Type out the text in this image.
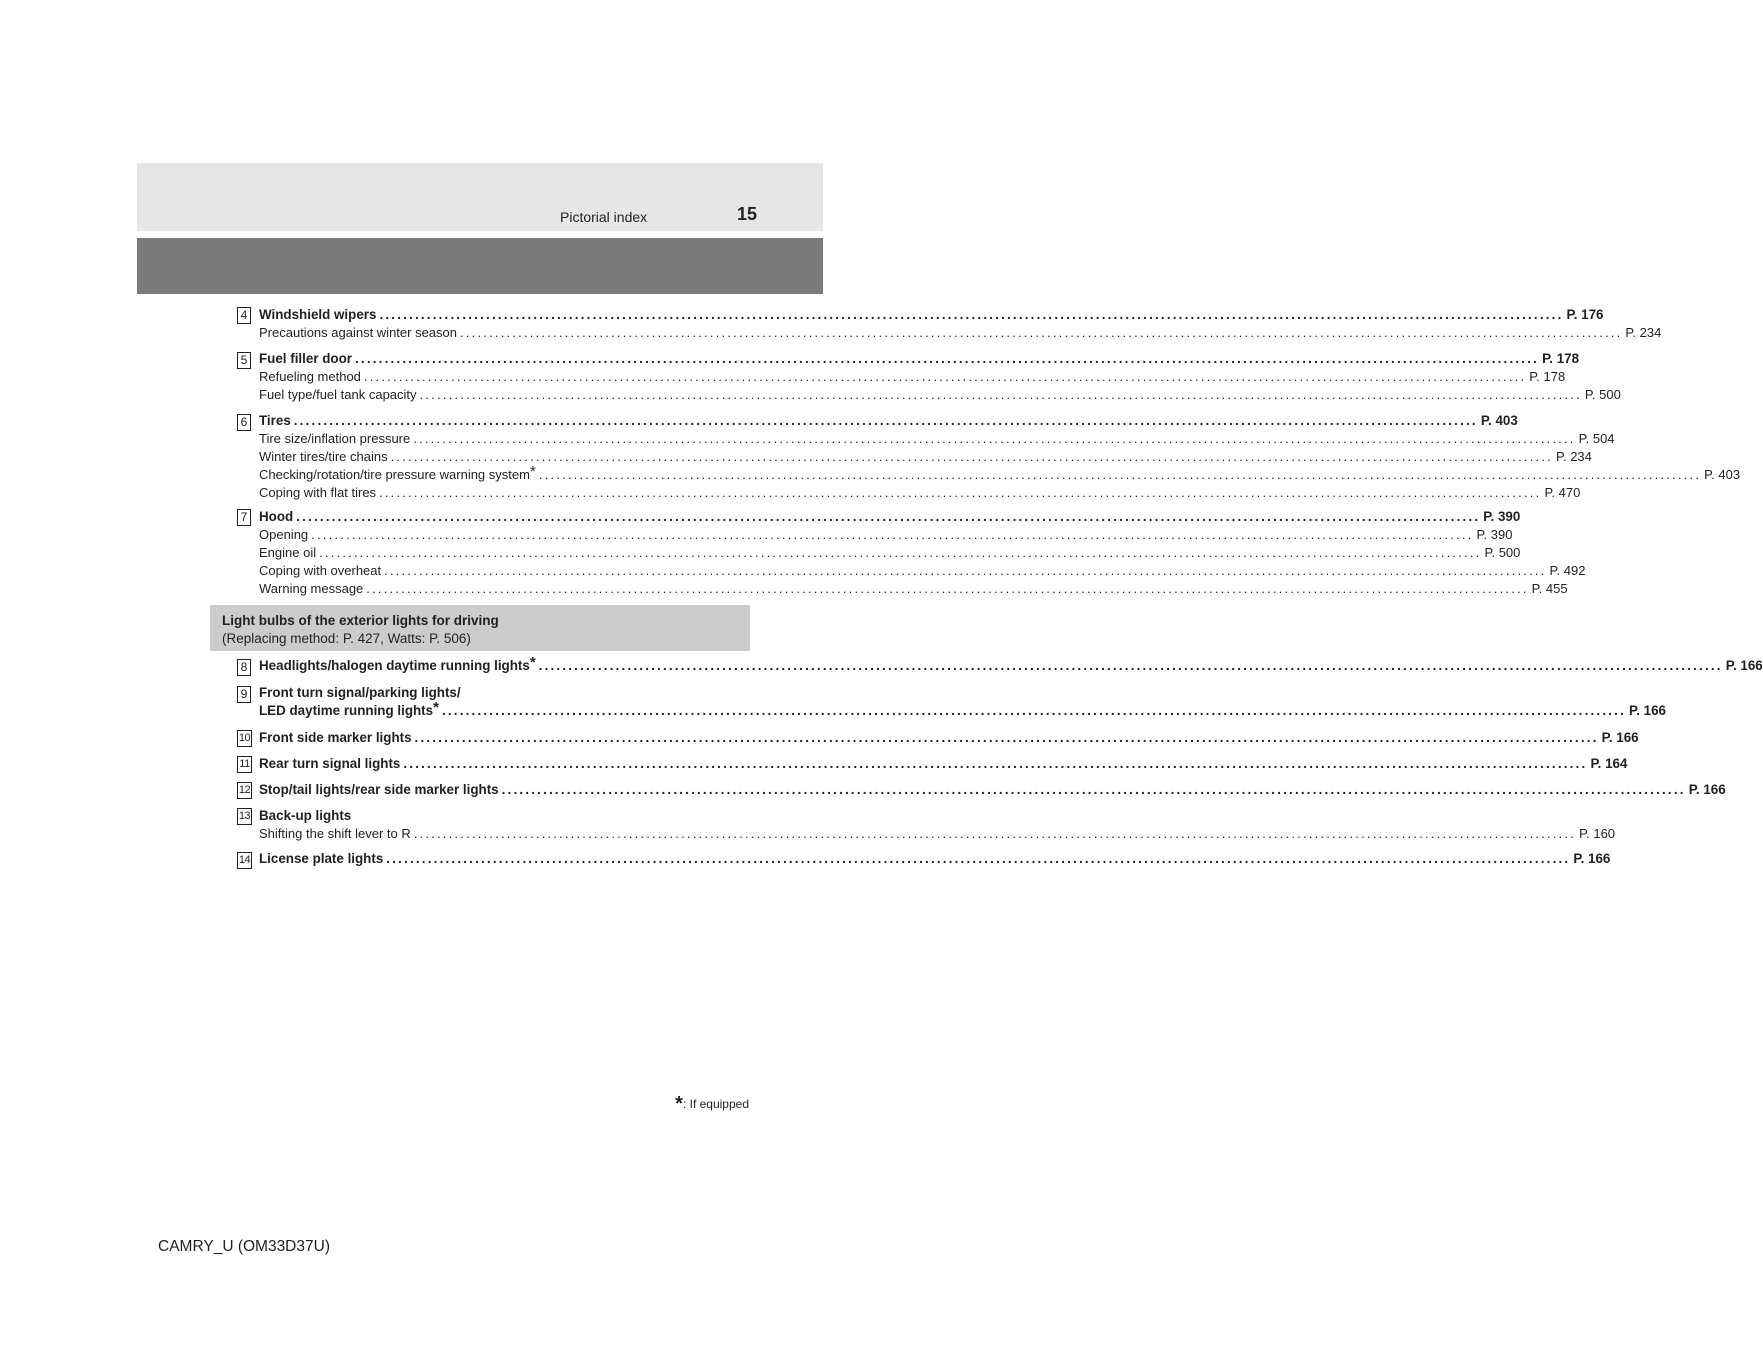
Pictorial index	15
4 Windshield wipers ........................................................................................................................................................................................................ P. 176
Precautions against winter season ........................................................................................................................................................................................................ P. 234
5 Fuel filler door ........................................................................................................................................................................................................ P. 178
Refueling method ........................................................................................................................................................................................................ P. 178
Fuel type/fuel tank capacity ........................................................................................................................................................................................................ P. 500
6 Tires ........................................................................................................................................................................................................ P. 403
Tire size/inflation pressure ........................................................................................................................................................................................................ P. 504
Winter tires/tire chains ........................................................................................................................................................................................................ P. 234
Checking/rotation/tire pressure warning system* ........................................................................................................................................................................................................ P. 403
Coping with flat tires ........................................................................................................................................................................................................ P. 470
7 Hood ........................................................................................................................................................................................................ P. 390
Opening ........................................................................................................................................................................................................ P. 390
Engine oil ........................................................................................................................................................................................................ P. 500
Coping with overheat ........................................................................................................................................................................................................ P. 492
Warning message ........................................................................................................................................................................................................ P. 455
Light bulbs of the exterior lights for driving
(Replacing method: P. 427, Watts: P. 506)
8 Headlights/halogen daytime running lights* ........................................................................................................................................................................................................ P. 166
9 Front turn signal/parking lights/
LED daytime running lights* ........................................................................................................................................................................................................ P. 166
10 Front side marker lights ........................................................................................................................................................................................................ P. 166
11 Rear turn signal lights ........................................................................................................................................................................................................ P. 164
12 Stop/tail lights/rear side marker lights ........................................................................................................................................................................................................ P. 166
13 Back-up lights
Shifting the shift lever to R ........................................................................................................................................................................................................ P. 160
14 License plate lights ........................................................................................................................................................................................................ P. 166
*: If equipped
CAMRY_U (OM33D37U)
